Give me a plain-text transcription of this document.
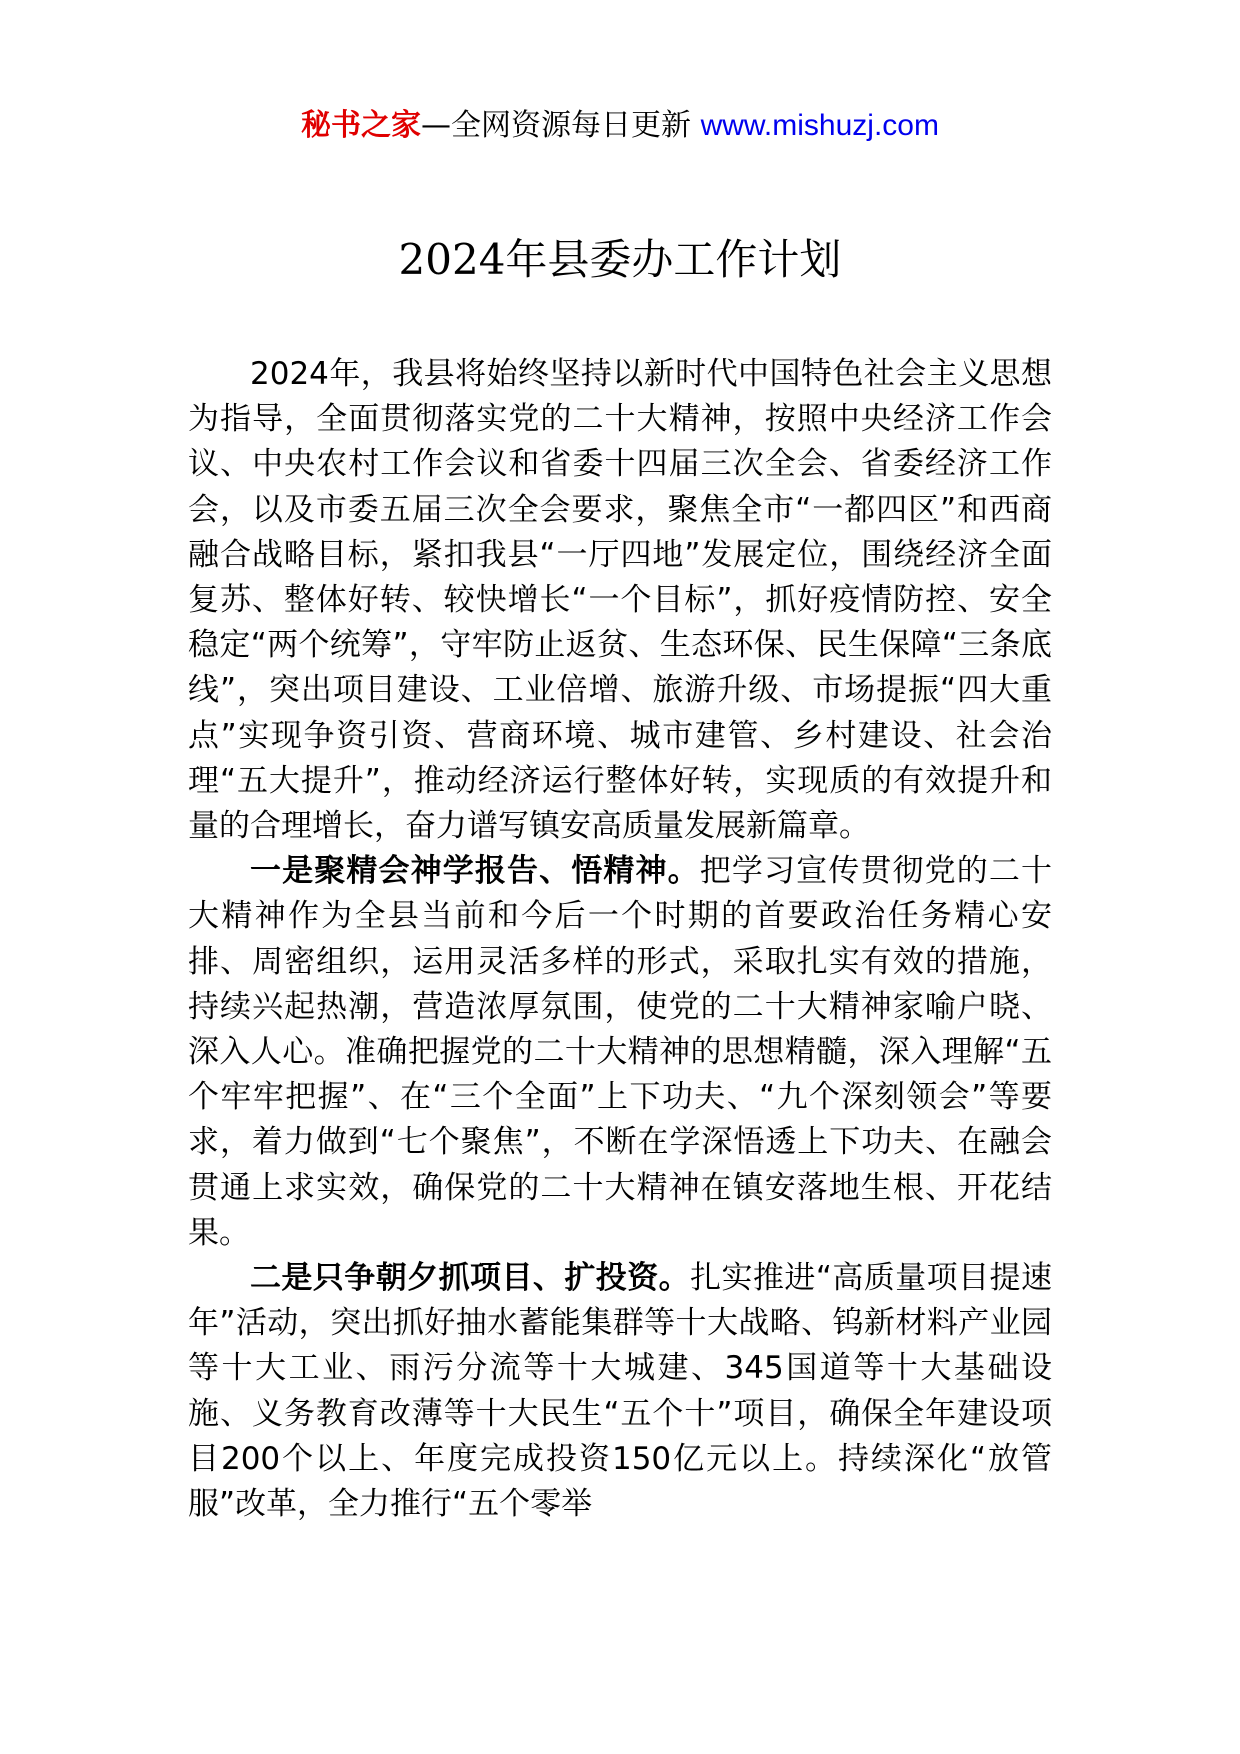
秘书之家—全网资源每日更新 www.mishuzj.com
2024年县委办工作计划

2024年，我县将始终坚持以新时代中国特色社会主义思想为指导，全面贯彻落实党的二十大精神，按照中央经济工作会议、中央农村工作会议和省委十四届三次全会、省委经济工作会，以及市委五届三次全会要求，聚焦全市“一都四区”和西商融合战略目标，紧扣我县“一厅四地”发展定位，围绕经济全面复苏、整体好转、较快增长“一个目标”，抓好疫情防控、安全稳定“两个统筹”，守牢防止返贫、生态环保、民生保障“三条底线”，突出项目建设、工业倍增、旅游升级、市场提振“四大重点”实现争资引资、营商环境、城市建管、乡村建设、社会治理“五大提升”，推动经济运行整体好转，实现质的有效提升和量的合理增长，奋力谱写镇安高质量发展新篇章。

一是聚精会神学报告、悟精神。把学习宣传贯彻党的二十大精神作为全县当前和今后一个时期的首要政治任务精心安排、周密组织，运用灵活多样的形式，采取扎实有效的措施，持续兴起热潮，营造浓厚氛围，使党的二十大精神家喻户晓、深入人心。准确把握党的二十大精神的思想精髓，深入理解“五个牢牢把握”、在“三个全面”上下功夫、“九个深刻领会”等要求，着力做到“七个聚焦”，不断在学深悟透上下功夫、在融会贯通上求实效，确保党的二十大精神在镇安落地生根、开花结果。

二是只争朝夕抓项目、扩投资。扎实推进“高质量项目提速年”活动，突出抓好抽水蓄能集群等十大战略、钨新材料产业园等十大工业、雨污分流等十大城建、345国道等十大基础设施、义务教育改薄等十大民生“五个十”项目，确保全年建设项目200个以上、年度完成投资150亿元以上。持续深化“放管服”改革，全力推行“五个零举
